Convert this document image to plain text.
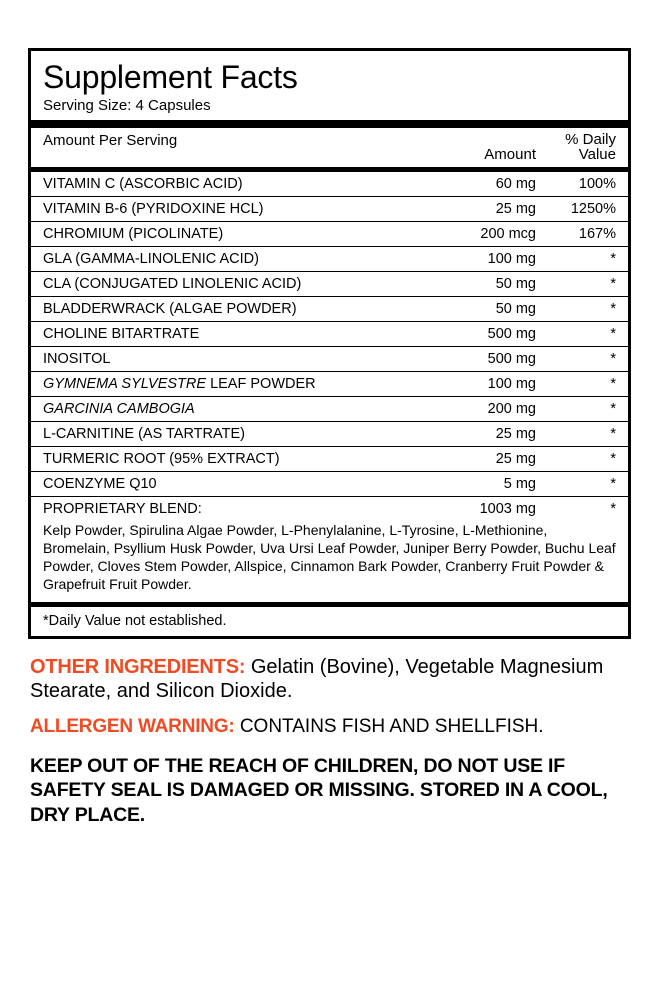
Supplement Facts
Serving Size: 4 Capsules
Amount Per Serving	Amount	% Daily
Value
VITAMIN C (ASCORBIC ACID)	60 mg	100%
VITAMIN B-6 (PYRIDOXINE HCL)	25 mg	1250%
CHROMIUM (PICOLINATE)	200 mcg	167%
GLA (GAMMA-LINOLENIC ACID)	100 mg	*
CLA (CONJUGATED LINOLENIC ACID)	50 mg	*
BLADDERWRACK (ALGAE POWDER)	50 mg	*
CHOLINE BITARTRATE	500 mg	*
INOSITOL	500 mg	*
GYMNEMA SYLVESTRE LEAF POWDER	100 mg	*
GARCINIA CAMBOGIA	200 mg	*
L-CARNITINE (AS TARTRATE)	25 mg	*
TURMERIC ROOT (95% EXTRACT)	25 mg	*
COENZYME Q10	5 mg	*
PROPRIETARY BLEND:	1003 mg	*
Kelp Powder, Spirulina Algae Powder, L-Phenylalanine, L-Tyrosine, L-Methionine, Bromelain, Psyllium Husk Powder, Uva Ursi Leaf Powder, Juniper Berry Powder, Buchu Leaf Powder, Cloves Stem Powder, Allspice, Cinnamon Bark Powder, Cranberry Fruit Powder & Grapefruit Fruit Powder.
*Daily Value not established.
OTHER INGREDIENTS: Gelatin (Bovine), Vegetable Magnesium Stearate, and Silicon Dioxide.
ALLERGEN WARNING: CONTAINS FISH AND SHELLFISH.
KEEP OUT OF THE REACH OF CHILDREN, DO NOT USE IF SAFETY SEAL IS DAMAGED OR MISSING. STORED IN A COOL, DRY PLACE.
